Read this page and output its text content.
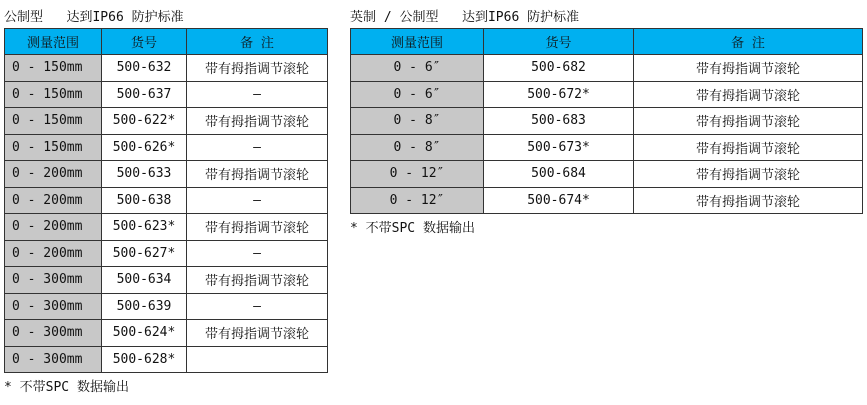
公制型   达到IP66 防护标准
测量范围	货号	备 注
0 - 150mm	500-632	带有拇指调节滚轮
0 - 150mm	500-637	—
0 - 150mm	500-622*	带有拇指调节滚轮
0 - 150mm	500-626*	—
0 - 200mm	500-633	带有拇指调节滚轮
0 - 200mm	500-638	—
0 - 200mm	500-623*	带有拇指调节滚轮
0 - 200mm	500-627*	—
0 - 300mm	500-634	带有拇指调节滚轮
0 - 300mm	500-639	—
0 - 300mm	500-624*	带有拇指调节滚轮
0 - 300mm	500-628*	
* 不带SPC 数据输出
英制 / 公制型   达到IP66 防护标准
测量范围	货号	备 注
0 - 6″	500-682	带有拇指调节滚轮
0 - 6″	500-672*	带有拇指调节滚轮
0 - 8″	500-683	带有拇指调节滚轮
0 - 8″	500-673*	带有拇指调节滚轮
0 - 12″	500-684	带有拇指调节滚轮
0 - 12″	500-674*	带有拇指调节滚轮
* 不带SPC 数据输出
